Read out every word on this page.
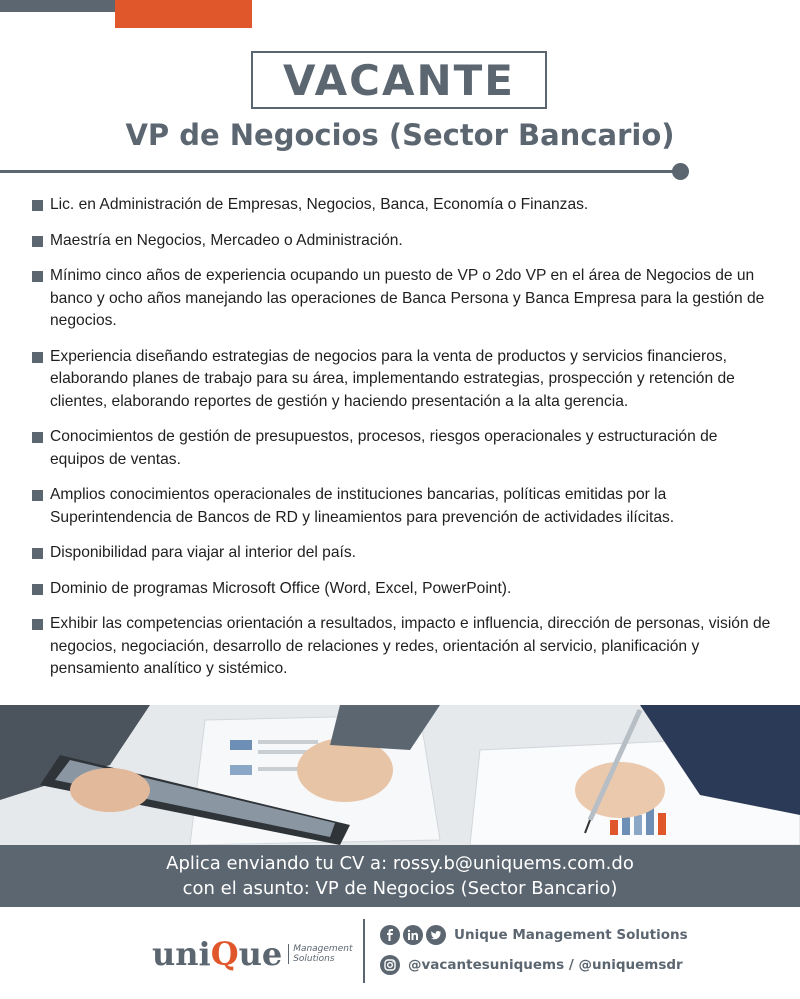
VACANTE
VP de Negocios (Sector Bancario)
Lic. en Administración de Empresas, Negocios, Banca, Economía o Finanzas.
Maestría en Negocios, Mercadeo o Administración.
Mínimo cinco años de experiencia ocupando un puesto de VP o 2do VP en el área de Negocios de un banco y ocho años manejando las operaciones de Banca Persona y Banca Empresa para la gestión de negocios.
Experiencia diseñando estrategias de negocios para la venta de productos y servicios financieros, elaborando planes de trabajo para su área, implementando estrategias, prospección y retención de clientes, elaborando reportes de gestión y haciendo presentación a la alta gerencia.
Conocimientos de gestión de presupuestos, procesos, riesgos operacionales y estructuración de equipos de ventas.
Amplios conocimientos operacionales de instituciones bancarias, políticas emitidas por la Superintendencia de Bancos de RD y lineamientos para prevención de actividades ilícitas.
Disponibilidad para viajar al interior del país.
Dominio de programas Microsoft Office (Word, Excel, PowerPoint).
Exhibir las competencias orientación a resultados, impacto e influencia, dirección de personas, visión de negocios, negociación, desarrollo de relaciones y redes, orientación al servicio, planificación y pensamiento analítico y sistémico.
Aplica enviando tu CV a: rossy.b@uniquems.com.do
con el asunto: VP de Negocios (Sector Bancario)
uni Q ue Management
Solutions
Unique Management Solutions
@vacantesuniquems / @uniquemsdr
